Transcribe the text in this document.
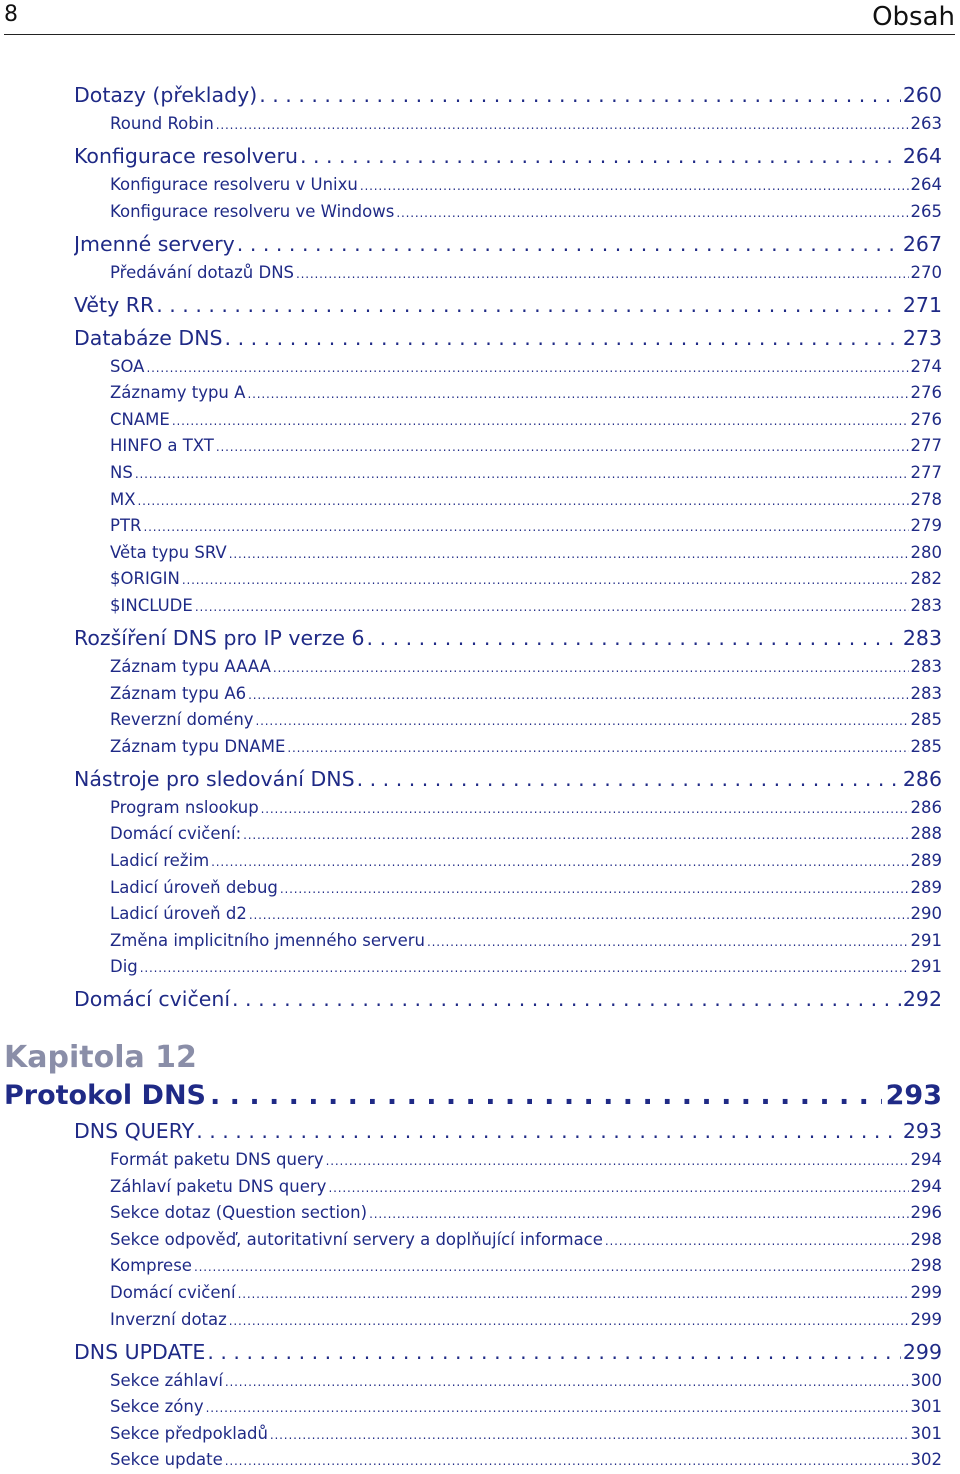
8	Obsah
Dotazy (překlady) . . .	260
Round Robin . . .	263
Konfigurace resolveru . . .	264
Konfigurace resolveru v Unixu . . .	264
Konfigurace resolveru ve Windows . . .	265
Jmenné servery . . .	267
Předávání dotazů DNS . . .	270
Věty RR . . .	271
Databáze DNS . . .	273
SOA . . .	274
Záznamy typu A . . .	276
CNAME . . .	276
HINFO a TXT . . .	277
NS . . .	277
MX . . .	278
PTR . . .	279
Věta typu SRV . . .	280
$ORIGIN . . .	282
$INCLUDE . . .	283
Rozšíření DNS pro IP verze 6 . . .	283
Záznam typu AAAA . . .	283
Záznam typu A6 . . .	283
Reverzní domény . . .	285
Záznam typu DNAME . . .	285
Nástroje pro sledování DNS . . .	286
Program nslookup . . .	286
Domácí cvičení: . . .	288
Ladicí režim . . .	289
Ladicí úroveň debug . . .	289
Ladicí úroveň d2 . . .	290
Změna implicitního jmenného serveru . . .	291
Dig . . .	291
Domácí cvičení . . .	292
Kapitola 12
Protokol DNS . . .	293
DNS QUERY . . .	293
Formát paketu DNS query . . .	294
Záhlaví paketu DNS query . . .	294
Sekce dotaz (Question section) . . .	296
Sekce odpověď, autoritativní servery a doplňující informace . . .	298
Komprese . . .	298
Domácí cvičení . . .	299
Inverzní dotaz . . .	299
DNS UPDATE . . .	299
Sekce záhlaví . . .	300
Sekce zóny . . .	301
Sekce předpokladů . . .	301
Sekce update . . .	302
